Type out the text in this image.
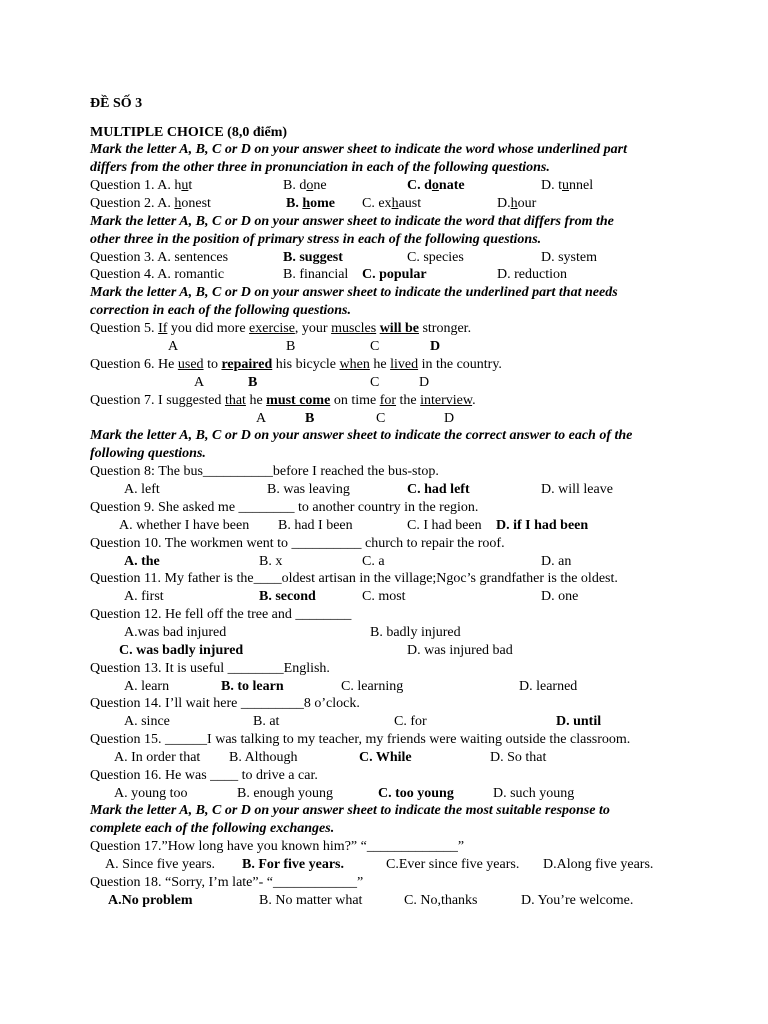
ĐỀ SỐ 3
MULTIPLE CHOICE (8,0 điểm)
Mark the letter A, B, C or D on your answer sheet to indicate the word whose underlined part
differs from the other three in pronunciation in each of the following questions.
Question 1. A. hut	B. done	C. donate	D. tunnel
Question 2. A. honest	B. home C. exhaust	D.hour
Mark the letter A, B, C or D on your answer sheet to indicate the word that differs from the
other three in the position of primary stress in each of the following questions.
Question 3. A. sentences	B. suggest	C. species	D. system
Question 4. A. romantic	B. financial C. popular	D. reduction
Mark the letter A, B, C or D on your answer sheet to indicate the underlined part that needs
correction in each of the following questions.
Question 5. If you did more exercise, your muscles will be stronger.
A	B	C	D
Question 6. He used to repaired his bicycle when he lived in the country.
A	B	C	D
Question 7. I suggested that he must come on time for the interview.
A	B	C	D
Mark the letter A, B, C or D on your answer sheet to indicate the correct answer to each of the
following questions.
Question 8: The bus__________before I reached the bus-stop.
A. left	B. was leaving	C. had left	D. will leave
Question 9. She asked me ________ to another country in the region.
A. whether I have been B. had I been	C. I had been D. if I had been
Question 10. The workmen went to __________ church to repair the roof.
A. the	B. x	C. a	D. an
Question 11. My father is the____oldest artisan in the village;Ngoc’s grandfather is the oldest.
A. first	B. second	C. most	D. one
Question 12. He fell off the tree and ________
A.was bad injured	B. badly injured
C. was badly injured	D. was injured bad
Question 13. It is useful ________English.
A. learn	B. to learn	C. learning	D. learned
Question 14. I’ll wait here _________8 o’clock.
A. since	B. at	C. for	D. until
Question 15. ______I was talking to my teacher, my friends were waiting outside the classroom.
A. In order that B. Although	C. While	D. So that
Question 16. He was ____ to drive a car.
A. young too	B. enough young	C. too young	D. such young
Mark the letter A, B, C or D on your answer sheet to indicate the most suitable response to
complete each of the following exchanges.
Question 17.”How long have you known him?” “_____________”
A. Since five years. B. For five years.	C.Ever since five years. D.Along five years.
Question 18. “Sorry, I’m late”- “____________”
A.No problem	B. No matter what	C. No,thanks	D. You’re welcome.
